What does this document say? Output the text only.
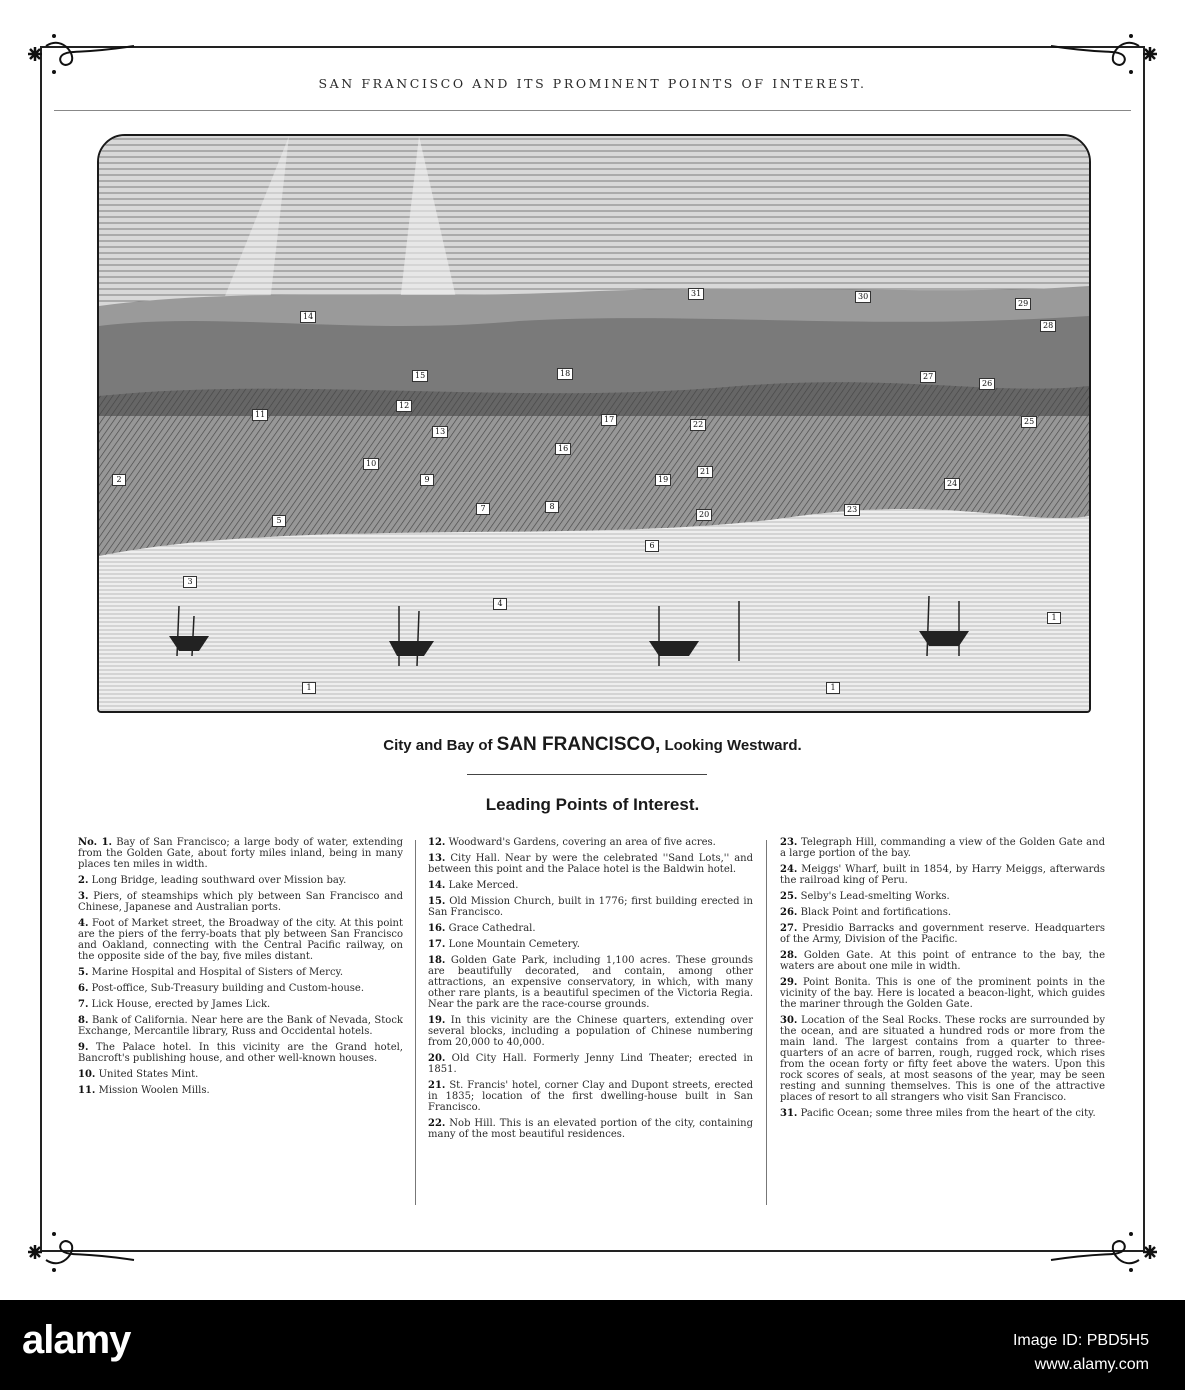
SAN FRANCISCO AND ITS PROMINENT POINTS OF INTEREST.
31	30
29
28
14
15	18	27
26
25
11
12
13
17
16
22
21
24
10
9
2
7	8
19
20
23
5
6
3
4
1
1	1
City and Bay of SAN FRANCISCO, Looking Westward.
Leading Points of Interest.
No. 1. Bay of San Francisco; a large body of water, extending from the Golden Gate, about forty miles inland, being in many places ten miles in width.
2. Long Bridge, leading southward over Mission bay.
3. Piers, of steamships which ply between San Francisco and Chinese, Japanese and Australian ports.
4. Foot of Market street, the Broadway of the city. At this point are the piers of the ferry-boats that ply between San Francisco and Oakland, connecting with the Central Pacific railway, on the opposite side of the bay, five miles distant.
5. Marine Hospital and Hospital of Sisters of Mercy.
6. Post-office, Sub-Treasury building and Custom-house.
7. Lick House, erected by James Lick.
8. Bank of California. Near here are the Bank of Nevada, Stock Exchange, Mercantile library, Russ and Occidental hotels.
9. The Palace hotel. In this vicinity are the Grand hotel, Bancroft's publishing house, and other well-known houses.
10. United States Mint.
11. Mission Woolen Mills.
12. Woodward's Gardens, covering an area of five acres.
13. City Hall. Near by were the celebrated ''Sand Lots,'' and between this point and the Palace hotel is the Baldwin hotel.
14. Lake Merced.
15. Old Mission Church, built in 1776; first building erected in San Francisco.
16. Grace Cathedral.
17. Lone Mountain Cemetery.
18. Golden Gate Park, including 1,100 acres. These grounds are beautifully decorated, and contain, among other attractions, an expensive conservatory, in which, with many other rare plants, is a beautiful specimen of the Victoria Regia. Near the park are the race-course grounds.
19. In this vicinity are the Chinese quarters, extending over several blocks, including a population of Chinese numbering from 20,000 to 40,000.
20. Old City Hall. Formerly Jenny Lind Theater; erected in 1851.
21. St. Francis' hotel, corner Clay and Dupont streets, erected in 1835; location of the first dwelling-house built in San Francisco.
22. Nob Hill. This is an elevated portion of the city, containing many of the most beautiful residences.
23. Telegraph Hill, commanding a view of the Golden Gate and a large portion of the bay.
24. Meiggs' Wharf, built in 1854, by Harry Meiggs, afterwards the railroad king of Peru.
25. Selby's Lead-smelting Works.
26. Black Point and fortifications.
27. Presidio Barracks and government reserve. Headquarters of the Army, Division of the Pacific.
28. Golden Gate. At this point of entrance to the bay, the waters are about one mile in width.
29. Point Bonita. This is one of the prominent points in the vicinity of the bay. Here is located a beacon-light, which guides the mariner through the Golden Gate.
30. Location of the Seal Rocks. These rocks are surrounded by the ocean, and are situated a hundred rods or more from the main land. The largest contains from a quarter to three-quarters of an acre of barren, rough, rugged rock, which rises from the ocean forty or fifty feet above the waters. Upon this rock scores of seals, at most seasons of the year, may be seen resting and sunning themselves. This is one of the attractive places of resort to all strangers who visit San Francisco.
31. Pacific Ocean; some three miles from the heart of the city.
alamy	Image ID: PBD5H5
www.alamy.com
